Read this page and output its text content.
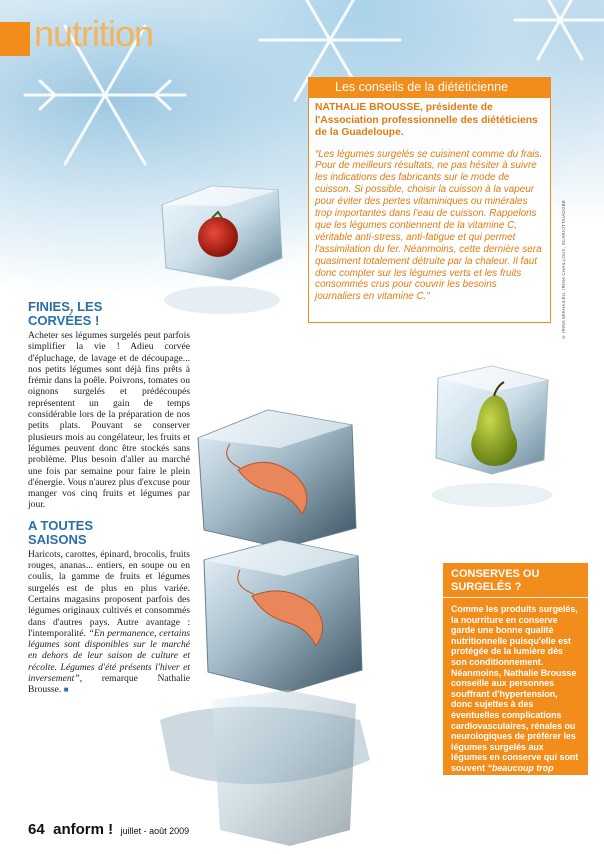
nutrition
Les conseils de la diététicienne

NATHALIE BROUSSE, présidente de l'Association professionnelle des diététiciens de la Guadeloupe.

“Les légumes surgelés se cuisinent comme du frais. Pour de meilleurs résultats, ne pas hésiter à suivre les indications des fabricants sur le mode de cuisson. Si possible, choisir la cuisson à la vapeur pour éviter des pertes vitaminiques ou minérales trop importantes dans l'eau de cuisson. Rappelons que les légumes contiennent de la vitamine C, véritable anti-stress, anti-fatigue et qui permet l'assimilation du fer. Néanmoins, cette dernière sera quasiment totalement détruite par la chaleur. Il faut donc compter sur les légumes verts et les fruits consommés crus pour couvrir les besoins journaliers en vitamine C.”	© IRINA MIKHAILEU, IRINA CHAILLOUX, SCARIOTTA/ADOBE
FINIES, LES CORVÉES !

Acheter ses légumes surgelés peut parfois simplifier la vie ! Adieu corvée d'épluchage, de lavage et de découpage... nos petits légumes sont déjà fins prêts à frémir dans la poêle. Poivrons, tomates ou oignons surgelés et prédécoupés représentent un gain de temps considérable lors de la préparation de nos petits plats. Pouvant se conserver plusieurs mois au congélateur, les fruits et légumes peuvent donc être stockés sans problème. Plus besoin d'aller au marché une fois par semaine pour faire le plein d'énergie. Vous n'aurez plus d'excuse pour manger vos cinq fruits et légumes par jour.

A TOUTES SAISONS

Haricots, carottes, épinard, brocolis, fruits rouges, ananas... entiers, en soupe ou en coulis, la gamme de fruits et légumes surgelés est de plus en plus variée. Certains magasins proposent parfois des légumes originaux cultivés et consommés dans d'autres pays. Autre avantage : l'intemporalité. “En permanence, certains légumes sont disponibles sur le marché en dehors de leur saison de culture et récolte. Légumes d'été présents l'hiver et inversement”, remarque Nathalie Brousse. ■

CONSERVES OU SURGELÉS ?

Comme les produits surgelés, la nourriture en conserve garde une bonne qualité nutritionnelle puisqu'elle est protégée de la lumière dès son conditionnement. Néanmoins, Nathalie Brousse conseille aux personnes souffrant d'hypertension, donc sujettes à des éventuelles complications cardiovasculaires, rénales ou neurologiques de préférer les légumes surgelés aux légumes en conserve qui sont souvent “beaucoup trop riches en sel”.

64 anform ! juillet - août 2009
